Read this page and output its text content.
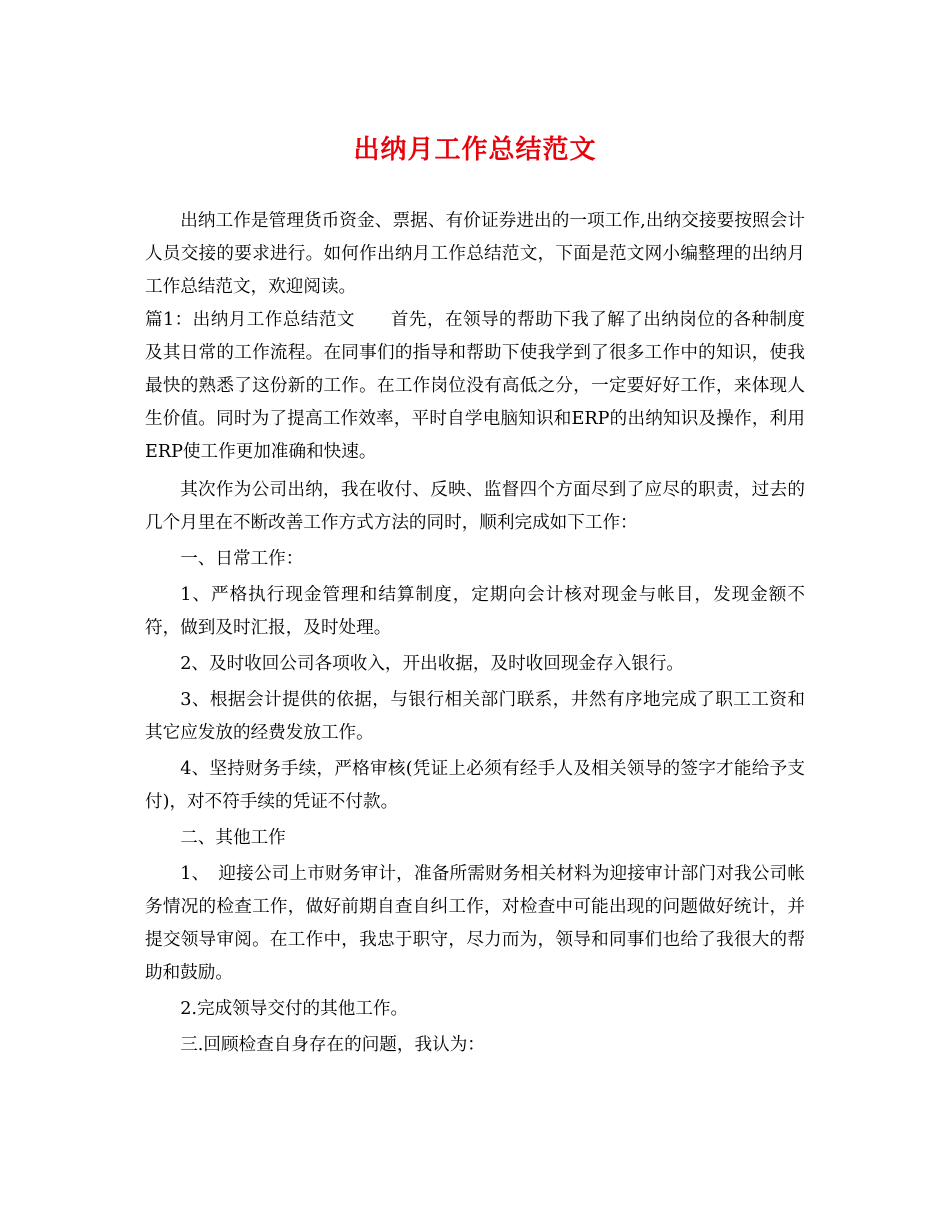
出纳月工作总结范文

出纳工作是管理货币资金、票据、有价证券进出的一项工作,出纳交接要按照会计人员交接的要求进行。如何作出纳月工作总结范文，下面是范文网小编整理的出纳月工作总结范文，欢迎阅读。

篇1：出纳月工作总结范文　　首先，在领导的帮助下我了解了出纳岗位的各种制度及其日常的工作流程。在同事们的指导和帮助下使我学到了很多工作中的知识，使我最快的熟悉了这份新的工作。在工作岗位没有高低之分，一定要好好工作，来体现人生价值。同时为了提高工作效率，平时自学电脑知识和ERP的出纳知识及操作，利用ERP使工作更加准确和快速。

其次作为公司出纳，我在收付、反映、监督四个方面尽到了应尽的职责，过去的几个月里在不断改善工作方式方法的同时，顺利完成如下工作：

一、日常工作：

1、严格执行现金管理和结算制度，定期向会计核对现金与帐目，发现金额不符，做到及时汇报，及时处理。

2、及时收回公司各项收入，开出收据，及时收回现金存入银行。

3、根据会计提供的依据，与银行相关部门联系，井然有序地完成了职工工资和其它应发放的经费发放工作。

4、坚持财务手续，严格审核(凭证上必须有经手人及相关领导的签字才能给予支付)，对不符手续的凭证不付款。

二、其他工作

1、　迎接公司上市财务审计，准备所需财务相关材料为迎接审计部门对我公司帐务情况的检查工作，做好前期自查自纠工作，对检查中可能出现的问题做好统计，并提交领导审阅。在工作中，我忠于职守，尽力而为，领导和同事们也给了我很大的帮助和鼓励。

2.完成领导交付的其他工作。

三.回顾检查自身存在的问题，我认为：
